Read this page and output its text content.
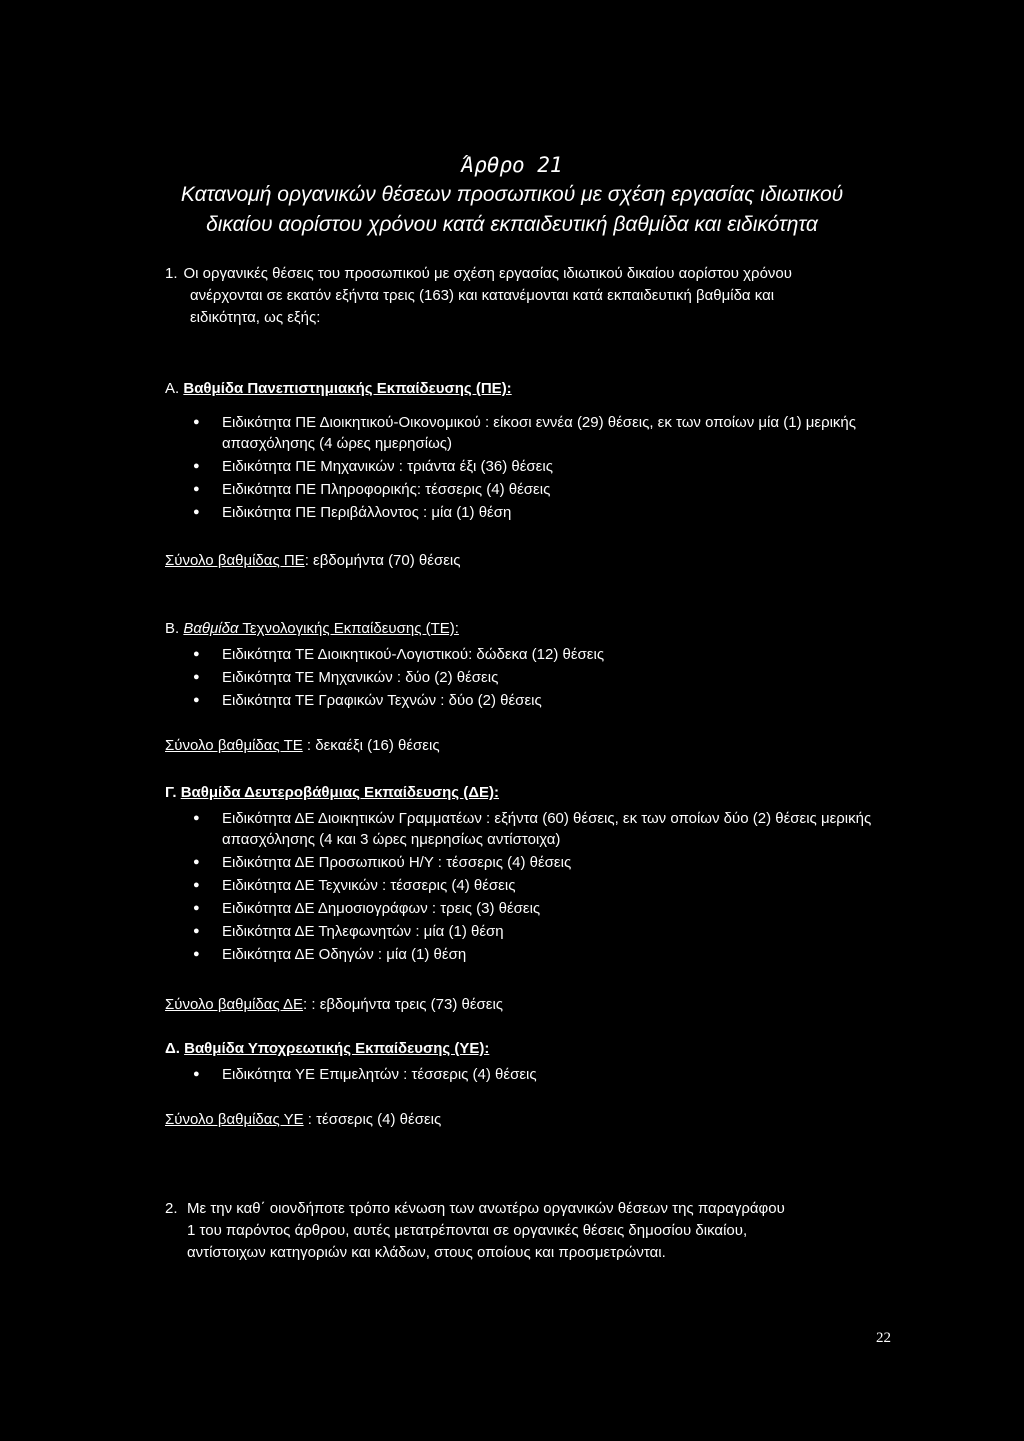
Άρθρο 21
Κατανομή οργανικών θέσεων προσωπικού με σχέση εργασίας ιδιωτικού
δικαίου αορίστου χρόνου κατά εκπαιδευτική βαθμίδα και ειδικότητα
1. Οι οργανικές θέσεις του προσωπικού με σχέση εργασίας ιδιωτικού δικαίου αορίστου χρόνου
ανέρχονται σε εκατόν εξήντα τρεις (163) και κατανέμονται κατά εκπαιδευτική βαθμίδα και
ειδικότητα, ως εξής:
Α. Βαθμίδα Πανεπιστημιακής Εκπαίδευσης (ΠΕ):
● Ειδικότητα ΠΕ Διοικητικού-Οικονομικού : είκοσι εννέα (29) θέσεις, εκ των οποίων μία (1) μερικής απασχόλησης (4 ώρες ημερησίως)
● Ειδικότητα ΠΕ Μηχανικών : τριάντα έξι (36) θέσεις
● Ειδικότητα ΠΕ Πληροφορικής: τέσσερις (4) θέσεις
● Ειδικότητα ΠΕ Περιβάλλοντος : μία (1) θέση
Σύνολο βαθμίδας ΠΕ: εβδομήντα (70) θέσεις
Β. Βαθμίδα Τεχνολογικής Εκπαίδευσης (ΤΕ):
● Ειδικότητα ΤΕ Διοικητικού-Λογιστικού: δώδεκα (12) θέσεις
● Ειδικότητα ΤΕ Μηχανικών : δύο (2) θέσεις
● Ειδικότητα ΤΕ Γραφικών Τεχνών : δύο (2) θέσεις
Σύνολο βαθμίδας ΤΕ : δεκαέξι (16) θέσεις
Γ. Βαθμίδα Δευτεροβάθμιας Εκπαίδευσης (ΔΕ):
● Ειδικότητα ΔΕ Διοικητικών Γραμματέων : εξήντα (60) θέσεις, εκ των οποίων δύο (2) θέσεις μερικής απασχόλησης (4 και 3 ώρες ημερησίως αντίστοιχα)
● Ειδικότητα ΔΕ Προσωπικού Η/Υ : τέσσερις (4) θέσεις
● Ειδικότητα ΔΕ Τεχνικών : τέσσερις (4) θέσεις
● Ειδικότητα ΔΕ Δημοσιογράφων : τρεις (3) θέσεις
● Ειδικότητα ΔΕ Τηλεφωνητών : μία (1) θέση
● Ειδικότητα ΔΕ Οδηγών : μία (1) θέση
Σύνολο βαθμίδας ΔΕ: : εβδομήντα τρεις (73) θέσεις
Δ. Βαθμίδα Υποχρεωτικής Εκπαίδευσης (ΥΕ):
● Ειδικότητα ΥΕ Επιμελητών : τέσσερις (4) θέσεις
Σύνολο βαθμίδας ΥΕ : τέσσερις (4) θέσεις
2. Με την καθ΄ οιονδήποτε τρόπο κένωση των ανωτέρω οργανικών θέσεων της παραγράφου
1 του παρόντος άρθρου, αυτές μετατρέπονται σε οργανικές θέσεις δημοσίου δικαίου,
αντίστοιχων κατηγοριών και κλάδων, στους οποίους και προσμετρώνται.
22
